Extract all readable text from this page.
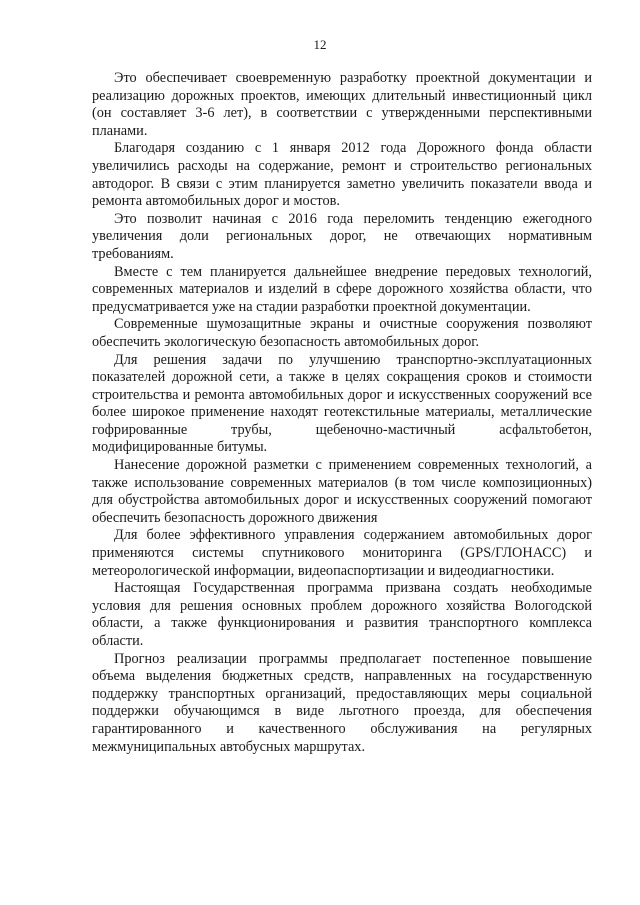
12

Это обеспечивает своевременную разработку проектной документации и реализацию дорожных проектов, имеющих длительный инвестиционный цикл (он составляет 3-6 лет), в соответствии с утвержденными перспективными планами.

Благодаря созданию с 1 января 2012 года Дорожного фонда области увеличились расходы на содержание, ремонт и строительство региональных автодорог. В связи с этим планируется заметно увеличить показатели ввода и ремонта автомобильных дорог и мостов.

Это позволит начиная с 2016 года переломить тенденцию ежегодного увеличения доли региональных дорог, не отвечающих нормативным требованиям.

Вместе с тем планируется дальнейшее внедрение передовых технологий, современных материалов и изделий в сфере дорожного хозяйства области, что предусматривается уже на стадии разработки проектной документации.

Современные шумозащитные экраны и очистные сооружения позволяют обеспечить экологическую безопасность автомобильных дорог.

Для решения задачи по улучшению транспортно-эксплуатационных показателей дорожной сети, а также в целях сокращения сроков и стоимости строительства и ремонта автомобильных дорог и искусственных сооружений все более широкое применение находят геотекстильные материалы, металлические гофрированные трубы, щебеночно-мастичный асфальтобетон, модифицированные битумы.

Нанесение дорожной разметки с применением современных технологий, а также использование современных материалов (в том числе композиционных) для обустройства автомобильных дорог и искусственных сооружений помогают обеспечить безопасность дорожного движения

Для более эффективного управления содержанием автомобильных дорог применяются системы спутникового мониторинга (GPS/ГЛОНАСС) и метеорологической информации, видеопаспортизации и видеодиагностики.

Настоящая Государственная программа призвана создать необходимые условия для решения основных проблем дорожного хозяйства Вологодской области, а также функционирования и развития транспортного комплекса области.

Прогноз реализации программы предполагает постепенное повышение объема выделения бюджетных средств, направленных на государственную поддержку транспортных организаций, предоставляющих меры социальной поддержки обучающимся в виде льготного проезда, для обеспечения гарантированного и качественного обслуживания на регулярных межмуниципальных автобусных маршрутах.
